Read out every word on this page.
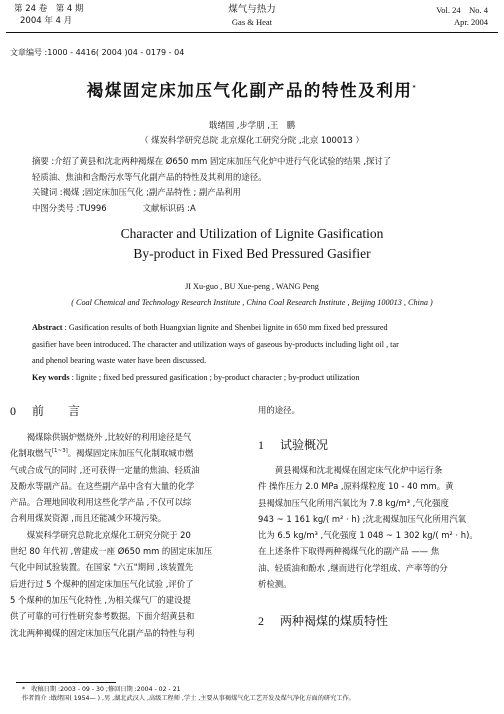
第 24 卷　第 4 期
2004 年 4 月
煤气与热力
Gas & Heat
Vol. 24　No. 4
Apr. 2004
文章编号 :1000 - 4416( 2004 )04 - 0179 - 04
褐煤固定床加压气化副产品的特性及利用*
戢绪国 ,步学朋 ,王　鹏
（ 煤炭科学研究总院 北京煤化工研究分院 ,北京 100013 ）

摘要 :介绍了黄县和沈北两种褐煤在 Ø650 mm 固定床加压气化炉中进行气化试验的结果 ,探讨了

轻质油、焦油和含酚污水等气化副产品的特性及其利用的途径。

关键词 :褐煤 ;固定床加压气化 ;副产品特性 ; 副产品利用

中图分类号 :TU996	文献标识码 :A

Character and Utilization of Lignite Gasification

By-product in Fixed Bed Pressured Gasifier

JI Xu-guo , BU Xue-peng , WANG Peng
( Coal Chemical and Technology Research Institute , China Coal Research Institute , Beijing 100013 , China )

Abstract : Gasification results of both Huangxian lignite and Shenbei lignite in 650 mm fixed bed pressured

gasifier have been introduced. The character and utilization ways of gaseous by-products including light oil , tar

and phenol bearing waste water have been discussed.

Key words : lignite ; fixed bed pressured gasification ; by-product character ; by-product utilization

0 前　　言

　　褐煤除供锅炉燃烧外 ,比较好的利用途径是气

化制取燃气[1~3]。褐煤固定床加压气化制取城市燃

气或合成气的同时 ,还可获得一定量的焦油、轻质油

及酚水等副产品。在这些副产品中含有大量的化学

产品。合理地回收利用这些化学产品 ,不仅可以综

合利用煤炭资源 ,而且还能减少环境污染。

　　煤炭科学研究总院北京煤化工研究分院于 20

世纪 80 年代初 ,曾建成一座 Ø650 mm 的固定床加压

气化中间试验装置。在国家 "六五"期间 ,该装置先

后进行过 5 个煤种的固定床加压气化试验 ,评价了

5 个煤种的加压气化特性 ,为相关煤气厂的建设提

供了可靠的可行性研究参考数据。下面介绍黄县和

沈北两种褐煤的固定床加压气化副产品的特性与利

用的途径。
1 试验概况

　　黄县褐煤和沈北褐煤在固定床气化炉中运行条

件 操作压力 2.0 MPa ,原料煤粒度 10 - 40 mm。黄

县褐煤加压气化所用汽氧比为 7.8 kg/m³ ,气化强度

943 ~ 1 161 kg/( m² · h) ;沈北褐煤加压气化所用汽氧

比为 6.5 kg/m³ ,气化强度 1 048 ~ 1 302 kg/( m² · h)。

在上述条件下取得两种褐煤气化的副产品 —— 焦

油、轻质油和酚水 ,继而进行化学组成、产率等的分

析检测。

2 两种褐煤的煤质特性

*　收稿日期 :2003 - 09 - 30 ;修回日期 :2004 - 02 - 21

作者简介 :戢绪国( 1954— ) ,男 ,湖北武汉人 ,高级工程师 ,学士 ,主要从事褐煤气化工艺开发及煤气净化方面的研究工作。
